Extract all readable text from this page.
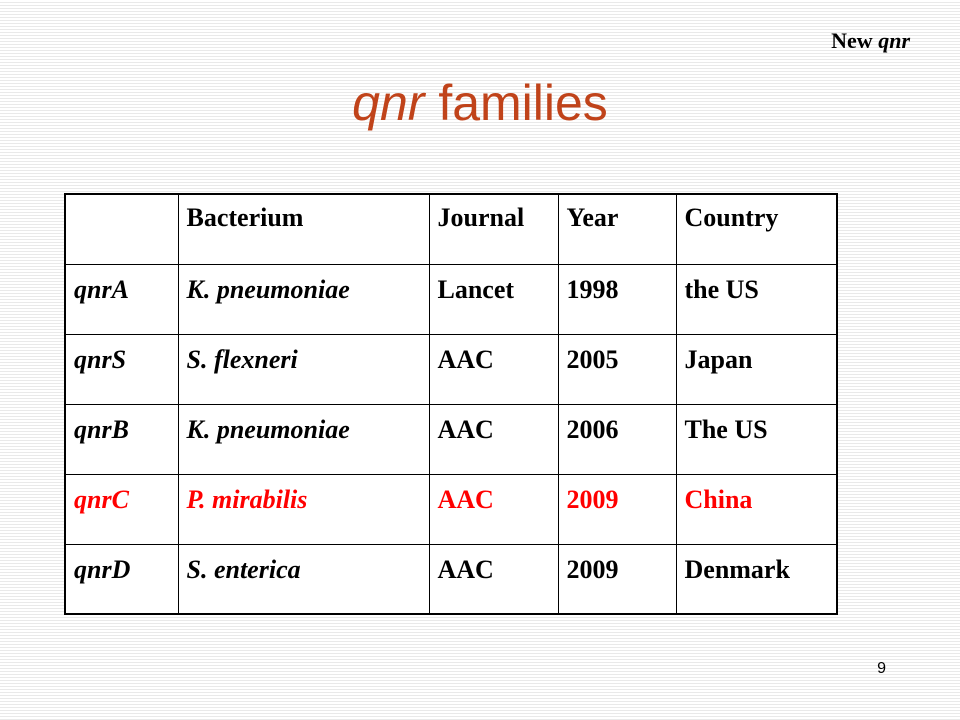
New qnr
qnr families
	Bacterium	Journal	Year	Country
qnrA	K. pneumoniae	Lancet	1998	the US
qnrS	S. flexneri	AAC	2005	Japan
qnrB	K. pneumoniae	AAC	2006	The US
qnrC	P. mirabilis	AAC	2009	China
qnrD	S. enterica	AAC	2009	Denmark
9
